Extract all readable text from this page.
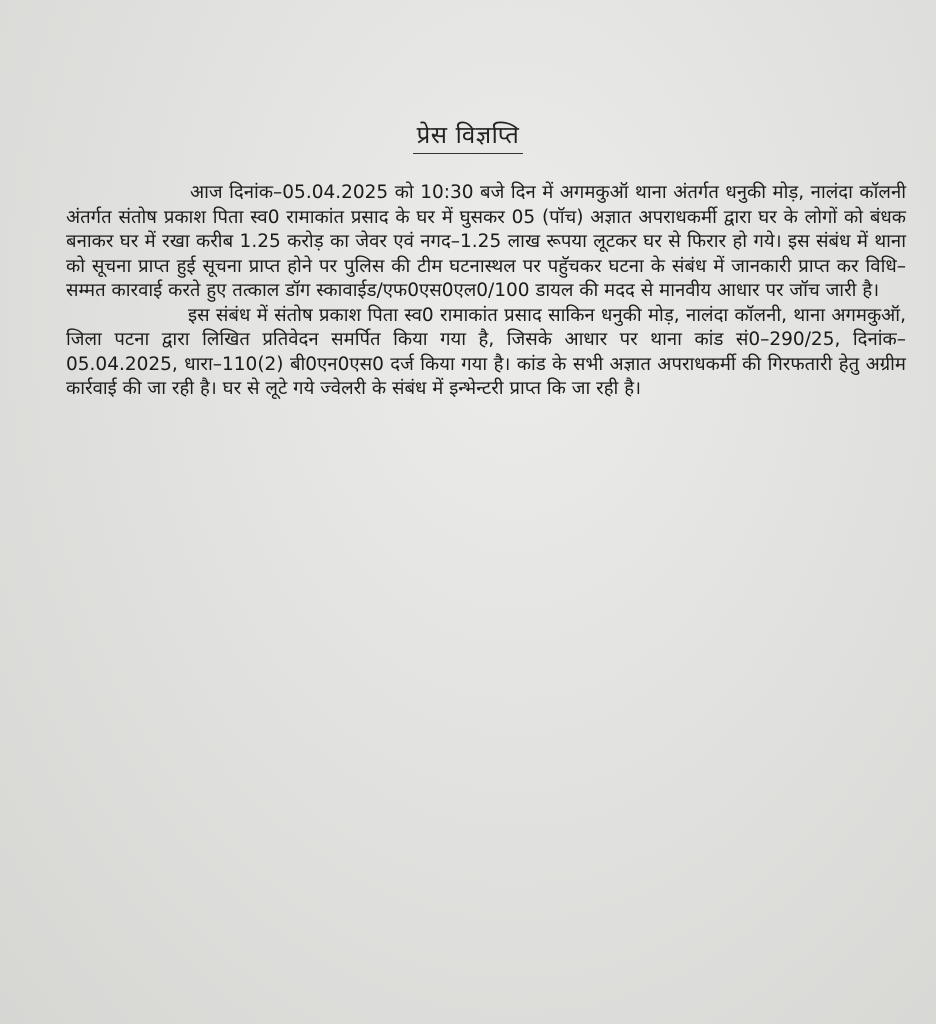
प्रेस विज्ञप्ति

आज दिनांक–05.04.2025 को 10:30 बजे दिन में अगमकुऑ थाना अंतर्गत धनुकी मोड़, नालंदा कॉलनी अंतर्गत संतोष प्रकाश पिता स्व0 रामाकांत प्रसाद के घर में घुसकर 05 (पॉच) अज्ञात अपराधकर्मी द्वारा घर के लोगों को बंधक बनाकर घर में रखा करीब 1.25 करोड़ का जेवर एवं नगद–1.25 लाख रूपया लूटकर घर से फिरार हो गये। इस संबंध में थाना को सूचना प्राप्त हुई सूचना प्राप्त होने पर पुलिस की टीम घटनास्थल पर पहुॅचकर घटना के संबंध में जानकारी प्राप्त कर विधि–सम्मत कारवाई करते हुए तत्काल डॉग स्कावाईड/एफ0एस0एल0/100 डायल की मदद से मानवीय आधार पर जॉच जारी है।

इस संबंध में संतोष प्रकाश पिता स्व0 रामाकांत प्रसाद साकिन धनुकी मोड़, नालंदा कॉलनी, थाना अगमकुऑ, जिला पटना द्वारा लिखित प्रतिवेदन समर्पित किया गया है, जिसके आधार पर थाना कांड सं0–290/25, दिनांक–05.04.2025, धारा–110(2) बी0एन0एस0 दर्ज किया गया है। कांड के सभी अज्ञात अपराधकर्मी की गिरफतारी हेतु अग्रीम कार्रवाई की जा रही है। घर से लूटे गये ज्वेलरी के संबंध में इन्भेन्टरी प्राप्त कि जा रही है।
